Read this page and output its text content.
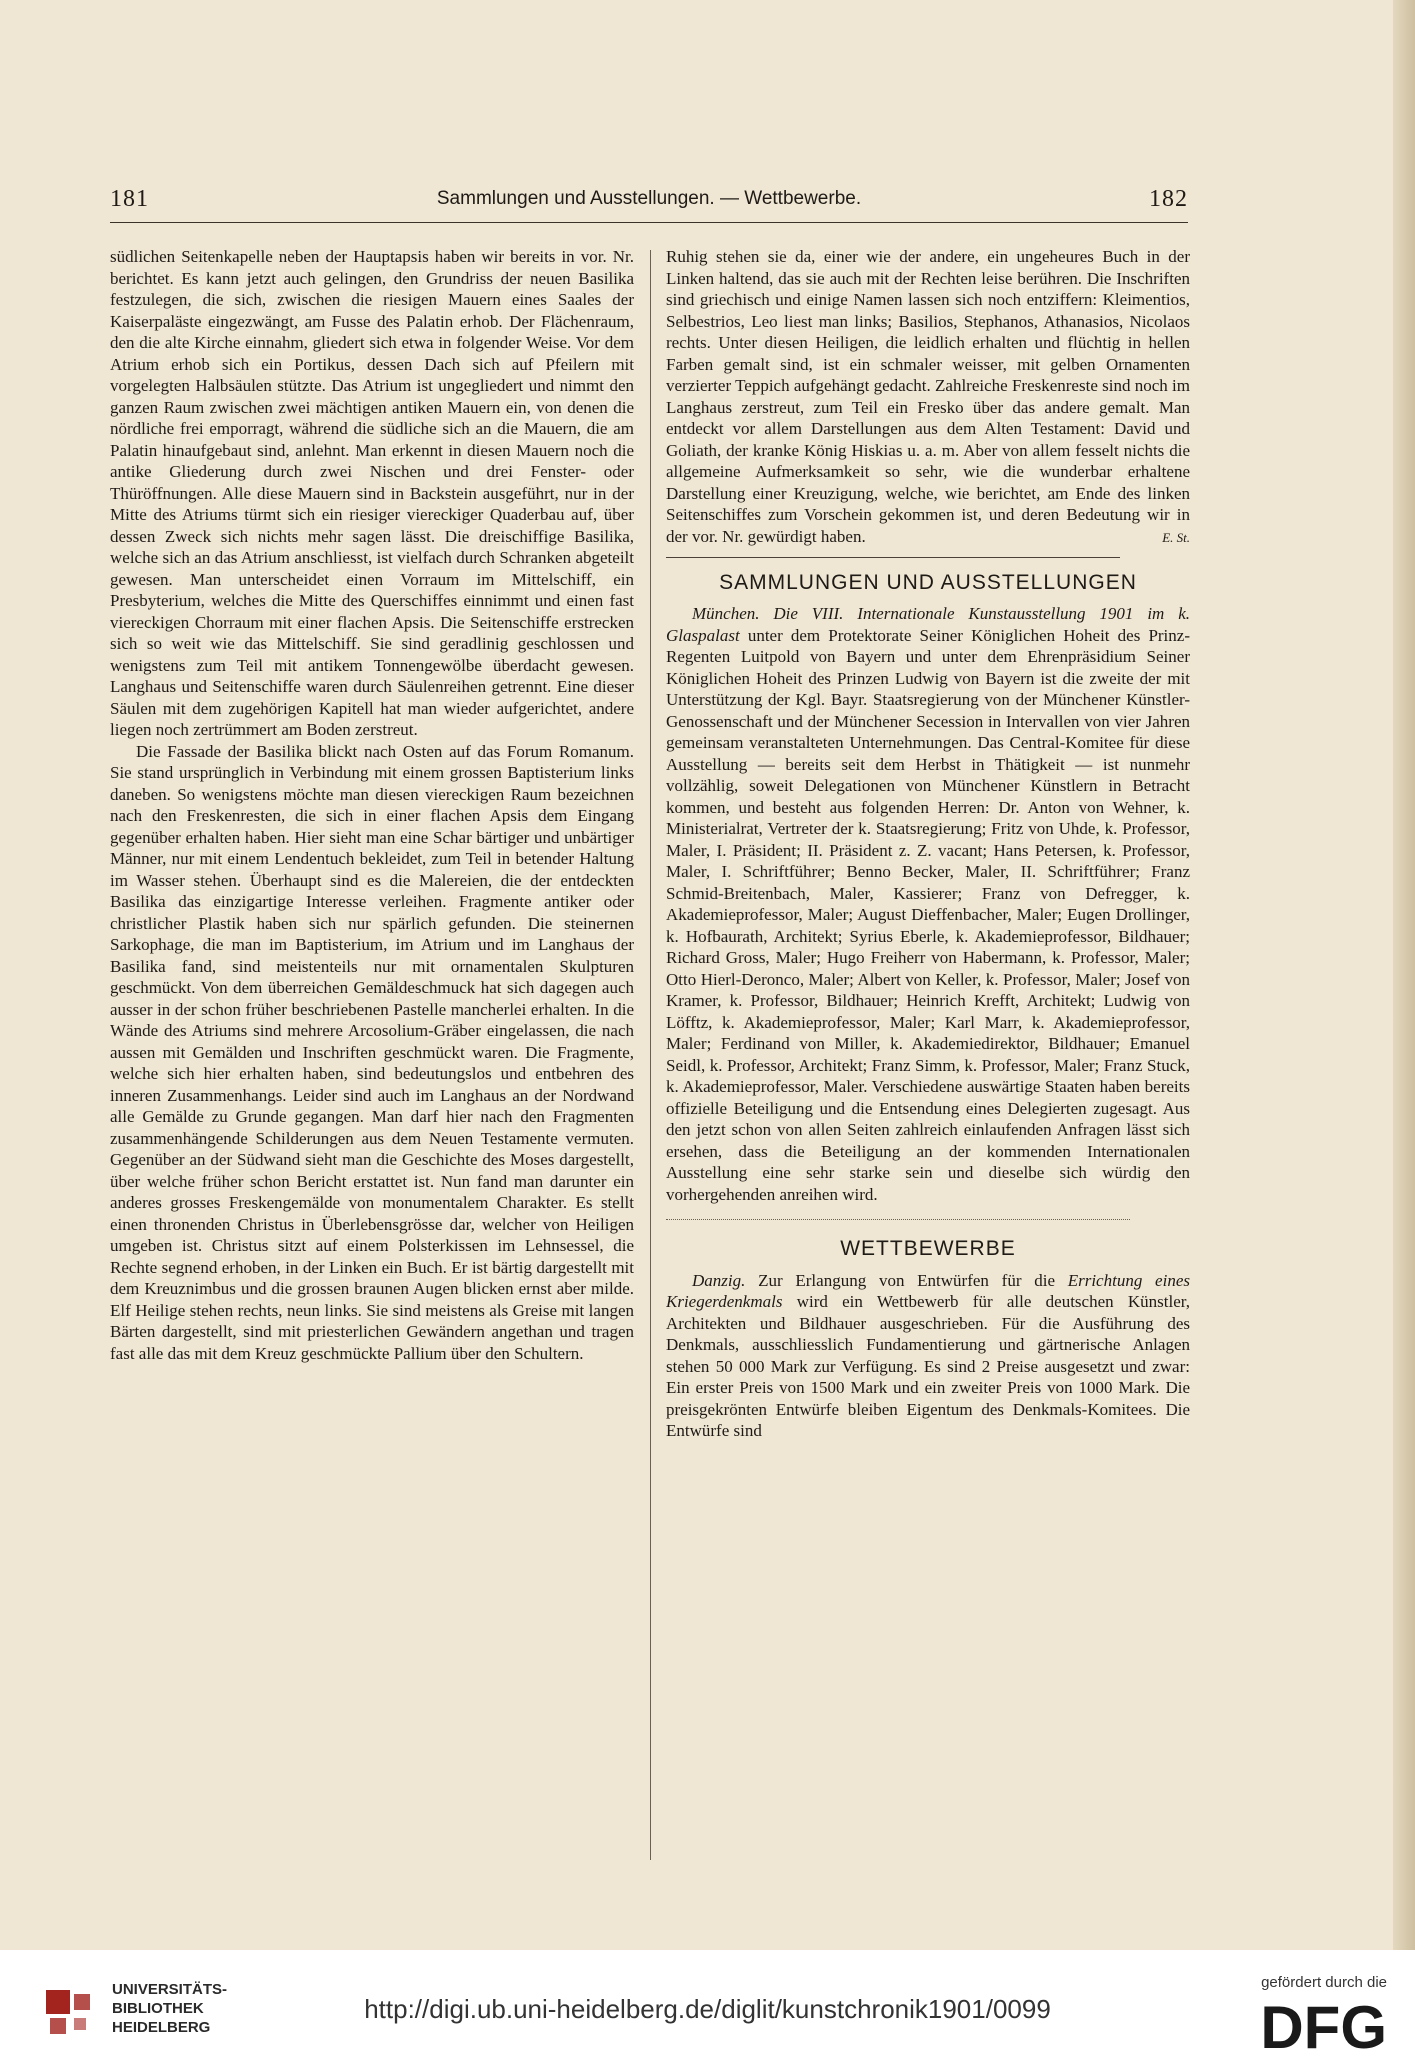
181	Sammlungen und Ausstellungen. — Wettbewerbe.	182

südlichen Seitenkapelle neben der Hauptapsis haben wir bereits in vor. Nr. berichtet. Es kann jetzt auch gelingen, den Grundriss der neuen Basilika festzulegen, die sich, zwischen die riesigen Mauern eines Saales der Kaiserpaläste eingezwängt, am Fusse des Palatin erhob. Der Flächenraum, den die alte Kirche einnahm, gliedert sich etwa in folgender Weise. Vor dem Atrium erhob sich ein Portikus, dessen Dach sich auf Pfeilern mit vorgelegten Halbsäulen stützte. Das Atrium ist ungegliedert und nimmt den ganzen Raum zwischen zwei mächtigen antiken Mauern ein, von denen die nördliche frei emporragt, während die südliche sich an die Mauern, die am Palatin hinaufgebaut sind, anlehnt. Man erkennt in diesen Mauern noch die antike Gliederung durch zwei Nischen und drei Fenster- oder Thüröffnungen. Alle diese Mauern sind in Backstein ausgeführt, nur in der Mitte des Atriums türmt sich ein riesiger viereckiger Quaderbau auf, über dessen Zweck sich nichts mehr sagen lässt. Die dreischiffige Basilika, welche sich an das Atrium anschliesst, ist vielfach durch Schranken abgeteilt gewesen. Man unterscheidet einen Vorraum im Mittelschiff, ein Presbyterium, welches die Mitte des Querschiffes einnimmt und einen fast viereckigen Chorraum mit einer flachen Apsis. Die Seitenschiffe erstrecken sich so weit wie das Mittelschiff. Sie sind geradlinig geschlossen und wenigstens zum Teil mit antikem Tonnengewölbe überdacht gewesen. Langhaus und Seitenschiffe waren durch Säulenreihen getrennt. Eine dieser Säulen mit dem zugehörigen Kapitell hat man wieder aufgerichtet, andere liegen noch zertrümmert am Boden zerstreut.

Die Fassade der Basilika blickt nach Osten auf das Forum Romanum. Sie stand ursprünglich in Verbindung mit einem grossen Baptisterium links daneben. So wenigstens möchte man diesen viereckigen Raum bezeichnen nach den Freskenresten, die sich in einer flachen Apsis dem Eingang gegenüber erhalten haben. Hier sieht man eine Schar bärtiger und unbärtiger Männer, nur mit einem Lendentuch bekleidet, zum Teil in betender Haltung im Wasser stehen. Überhaupt sind es die Malereien, die der entdeckten Basilika das einzigartige Interesse verleihen. Fragmente antiker oder christlicher Plastik haben sich nur spärlich gefunden. Die steinernen Sarkophage, die man im Baptisterium, im Atrium und im Langhaus der Basilika fand, sind meistenteils nur mit ornamentalen Skulpturen geschmückt. Von dem überreichen Gemäldeschmuck hat sich dagegen auch ausser in der schon früher beschriebenen Pastelle mancherlei erhalten. In die Wände des Atriums sind mehrere Arcosolium-Gräber eingelassen, die nach aussen mit Gemälden und Inschriften geschmückt waren. Die Fragmente, welche sich hier erhalten haben, sind bedeutungslos und entbehren des inneren Zusammenhangs. Leider sind auch im Langhaus an der Nordwand alle Gemälde zu Grunde gegangen. Man darf hier nach den Fragmenten zusammenhängende Schilderungen aus dem Neuen Testamente vermuten. Gegenüber an der Südwand sieht man die Geschichte des Moses dargestellt, über welche früher schon Bericht erstattet ist. Nun fand man darunter ein anderes grosses Freskengemälde von monumentalem Charakter. Es stellt einen thronenden Christus in Überlebensgrösse dar, welcher von Heiligen umgeben ist. Christus sitzt auf einem Polsterkissen im Lehnsessel, die Rechte segnend erhoben, in der Linken ein Buch. Er ist bärtig dargestellt mit dem Kreuznimbus und die grossen braunen Augen blicken ernst aber milde. Elf Heilige stehen rechts, neun links. Sie sind meistens als Greise mit langen Bärten dargestellt, sind mit priesterlichen Gewändern angethan und tragen fast alle das mit dem Kreuz geschmückte Pallium über den Schultern.

Ruhig stehen sie da, einer wie der andere, ein ungeheures Buch in der Linken haltend, das sie auch mit der Rechten leise berühren. Die Inschriften sind griechisch und einige Namen lassen sich noch entziffern: Kleimentios, Selbestrios, Leo liest man links; Basilios, Stephanos, Athanasios, Nicolaos rechts. Unter diesen Heiligen, die leidlich erhalten und flüchtig in hellen Farben gemalt sind, ist ein schmaler weisser, mit gelben Ornamenten verzierter Teppich aufgehängt gedacht. Zahlreiche Freskenreste sind noch im Langhaus zerstreut, zum Teil ein Fresko über das andere gemalt. Man entdeckt vor allem Darstellungen aus dem Alten Testament: David und Goliath, der kranke König Hiskias u. a. m. Aber von allem fesselt nichts die allgemeine Aufmerksamkeit so sehr, wie die wunderbar erhaltene Darstellung einer Kreuzigung, welche, wie berichtet, am Ende des linken Seitenschiffes zum Vorschein gekommen ist, und deren Bedeutung wir in der vor. Nr. gewürdigt haben.	E. St.
SAMMLUNGEN UND AUSSTELLUNGEN

München. Die VIII. Internationale Kunstausstellung 1901 im k. Glaspalast unter dem Protektorate Seiner Königlichen Hoheit des Prinz-Regenten Luitpold von Bayern und unter dem Ehrenpräsidium Seiner Königlichen Hoheit des Prinzen Ludwig von Bayern ist die zweite der mit Unterstützung der Kgl. Bayr. Staatsregierung von der Münchener Künstler-Genossenschaft und der Münchener Secession in Intervallen von vier Jahren gemeinsam veranstalteten Unternehmungen. Das Central-Komitee für diese Ausstellung — bereits seit dem Herbst in Thätigkeit — ist nunmehr vollzählig, soweit Delegationen von Münchener Künstlern in Betracht kommen, und besteht aus folgenden Herren: Dr. Anton von Wehner, k. Ministerialrat, Vertreter der k. Staatsregierung; Fritz von Uhde, k. Professor, Maler, I. Präsident; II. Präsident z. Z. vacant; Hans Petersen, k. Professor, Maler, I. Schriftführer; Benno Becker, Maler, II. Schriftführer; Franz Schmid-Breitenbach, Maler, Kassierer; Franz von Defregger, k. Akademieprofessor, Maler; August Dieffenbacher, Maler; Eugen Drollinger, k. Hofbaurath, Architekt; Syrius Eberle, k. Akademieprofessor, Bildhauer; Richard Gross, Maler; Hugo Freiherr von Habermann, k. Professor, Maler; Otto Hierl-Deronco, Maler; Albert von Keller, k. Professor, Maler; Josef von Kramer, k. Professor, Bildhauer; Heinrich Krefft, Architekt; Ludwig von Löfftz, k. Akademieprofessor, Maler; Karl Marr, k. Akademieprofessor, Maler; Ferdinand von Miller, k. Akademiedirektor, Bildhauer; Emanuel Seidl, k. Professor, Architekt; Franz Simm, k. Professor, Maler; Franz Stuck, k. Akademieprofessor, Maler. Verschiedene auswärtige Staaten haben bereits offizielle Beteiligung und die Entsendung eines Delegierten zugesagt. Aus den jetzt schon von allen Seiten zahlreich einlaufenden Anfragen lässt sich ersehen, dass die Beteiligung an der kommenden Internationalen Ausstellung eine sehr starke sein und dieselbe sich würdig den vorhergehenden anreihen wird.

WETTBEWERBE

Danzig. Zur Erlangung von Entwürfen für die Errichtung eines Kriegerdenkmals wird ein Wettbewerb für alle deutschen Künstler, Architekten und Bildhauer ausgeschrieben. Für die Ausführung des Denkmals, ausschliesslich Fundamentierung und gärtnerische Anlagen stehen 50 000 Mark zur Verfügung. Es sind 2 Preise ausgesetzt und zwar: Ein erster Preis von 1500 Mark und ein zweiter Preis von 1000 Mark. Die preisgekrönten Entwürfe bleiben Eigentum des Denkmals-Komitees. Die Entwürfe sind

UNIVERSITÄTS-
BIBLIOTHEK
HEIDELBERG
http://digi.ub.uni-heidelberg.de/diglit/kunstchronik1901/0099
gefördert durch die
DFG
